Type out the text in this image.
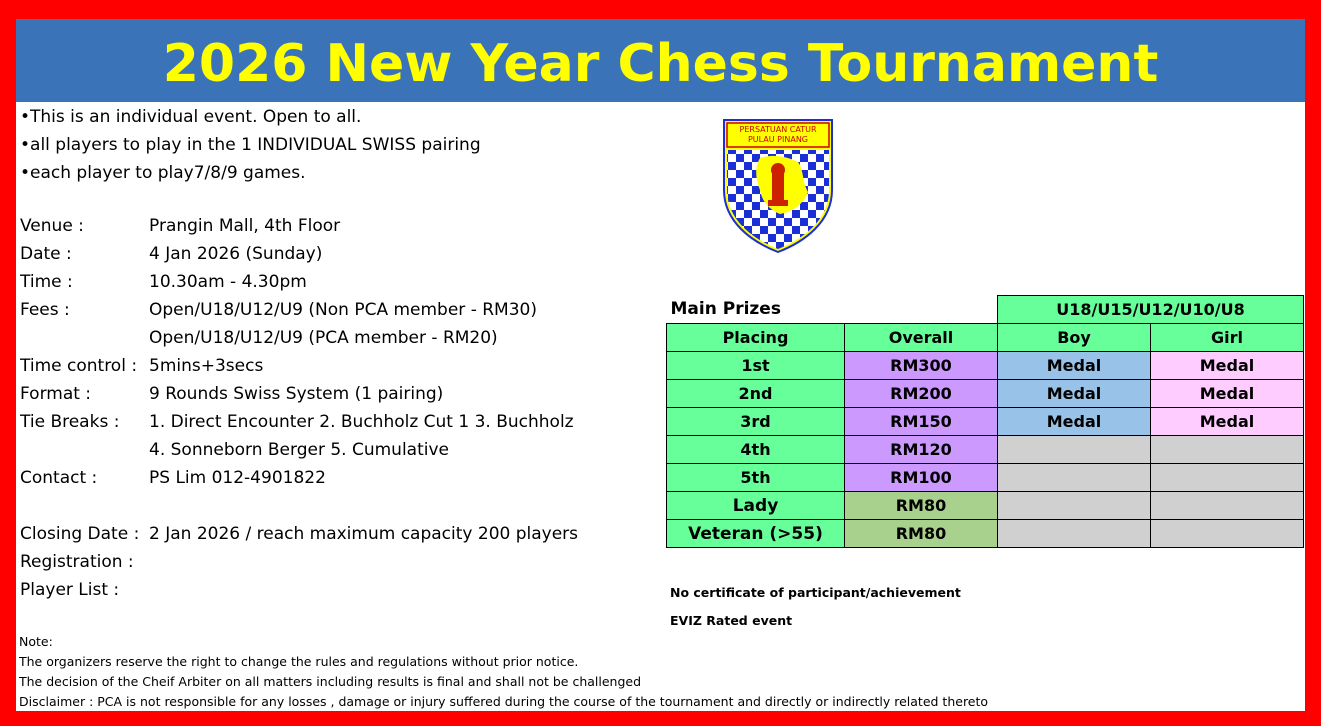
2026 New Year Chess Tournament
•This is an individual event. Open to all.
•all players to play in the 1 INDIVIDUAL SWISS pairing
•each player to play7/8/9 games.
Venue :	Prangin Mall, 4th Floor
Date :	4 Jan 2026 (Sunday)
Time :	10.30am - 4.30pm
Fees :	Open/U18/U12/U9 (Non PCA member - RM30)
Open/U18/U12/U9 (PCA member - RM20)
Time control : 5mins+3secs
Format :	9 Rounds Swiss System (1 pairing)
Tie Breaks : 1. Direct Encounter 2. Buchholz Cut 1 3. Buchholz
4. Sonneborn Berger 5. Cumulative
Contact :	PS Lim 012-4901822
Closing Date : 2 Jan 2026 / reach maximum capacity 200 players
Registration :
Player List :
Note:
The organizers reserve the right to change the rules and regulations without prior notice.
The decision of the Cheif Arbiter on all matters including results is final and shall not be challenged
Disclaimer : PCA is not responsible for any losses , damage or injury suffered during the course of the tournament and directly or indirectly related thereto
PERSATUAN CATUR
PULAU PINANG
Main Prizes		U18/U15/U12/U10/U8	
Placing	Overall	Boy	Girl
1st	RM300	Medal	Medal
2nd	RM200	Medal	Medal
3rd	RM150	Medal	Medal
4th	RM120		
5th	RM100		
Lady	RM80		
Veteran (>55)	RM80		
No certificate of participant/achievement
EVIZ Rated event
